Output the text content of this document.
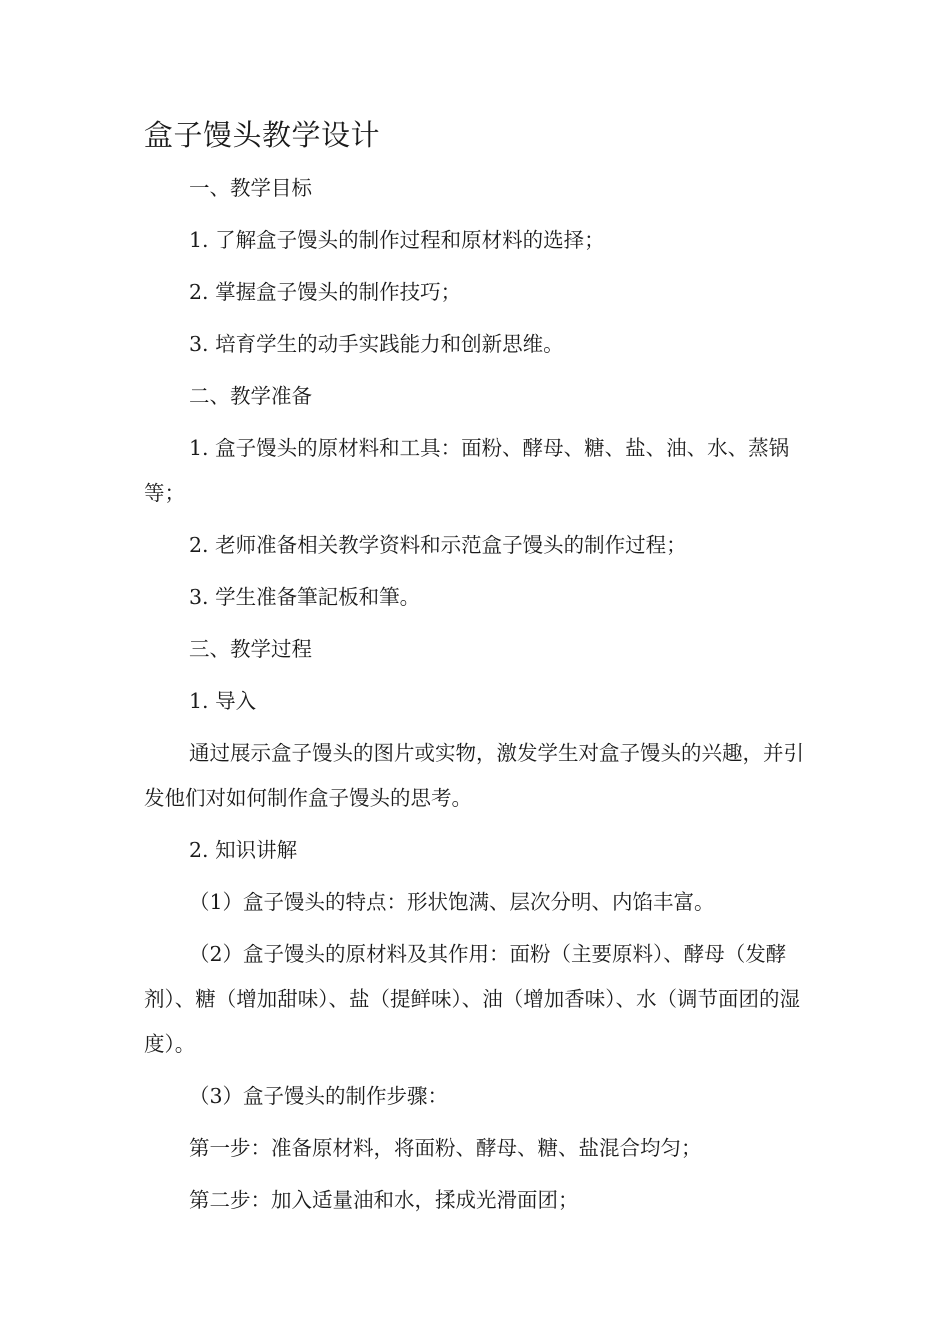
盒子馒头教学设计

一、教学目标

1. 了解盒子馒头的制作过程和原材料的选择；

2. 掌握盒子馒头的制作技巧；

3. 培育学生的动手实践能力和创新思维。

二、教学准备

1. 盒子馒头的原材料和工具：面粉、酵母、糖、盐、油、水、蒸锅等；

2. 老师准备相关教学资料和示范盒子馒头的制作过程；

3. 学生准备筆記板和筆。

三、教学过程

1. 导入

通过展示盒子馒头的图片或实物，激发学生对盒子馒头的兴趣，并引发他们对如何制作盒子馒头的思考。

2. 知识讲解

（1）盒子馒头的特点：形状饱满、层次分明、内馅丰富。

（2）盒子馒头的原材料及其作用：面粉（主要原料）、酵母（发酵剂）、糖（增加甜味）、盐（提鲜味）、油（增加香味）、水（调节面团的湿度）。

（3）盒子馒头的制作步骤：

第一步：准备原材料，将面粉、酵母、糖、盐混合均匀；

第二步：加入适量油和水，揉成光滑面团；
